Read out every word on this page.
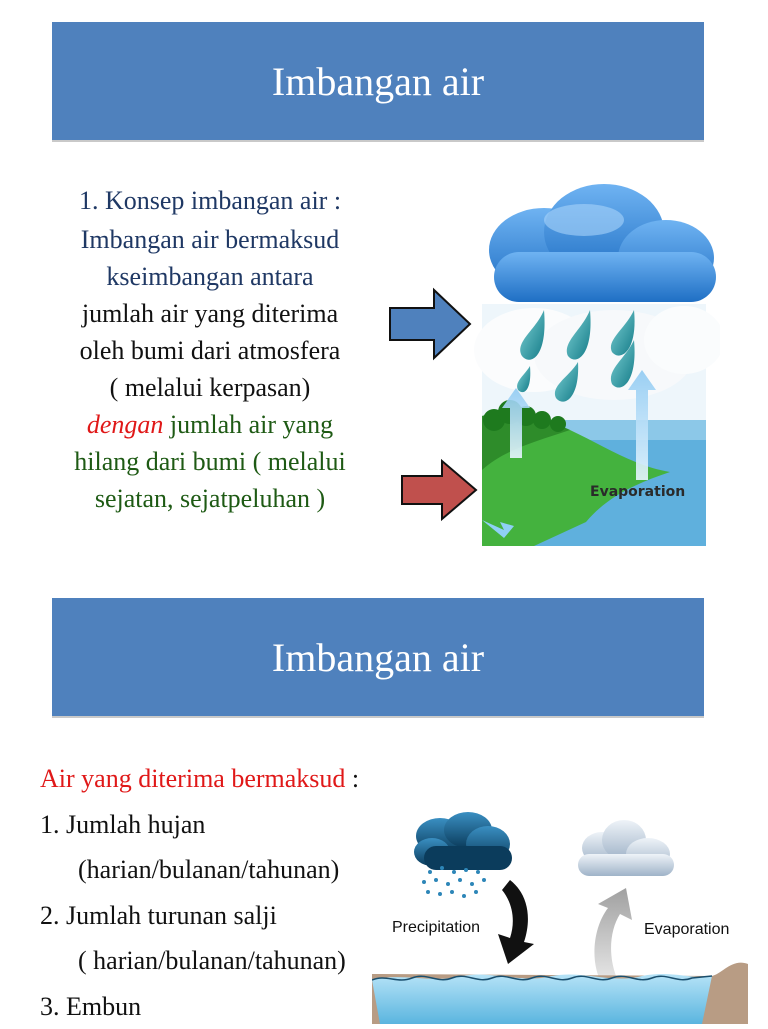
Imbangan air
1. Konsep imbangan air :
Imbangan air bermaksud
kseimbangan antara
jumlah air yang diterima
oleh bumi dari atmosfera
( melalui kerpasan)
dengan jumlah air yang
hilang dari bumi ( melalui
sejatan, sejatpeluhan )	Evaporation
Imbangan air
Air yang diterima bermaksud :
1. Jumlah hujan
(harian/bulanan/tahunan)
2. Jumlah turunan salji
( harian/bulanan/tahunan)
3. Embun
Precipitation	Evaporation
